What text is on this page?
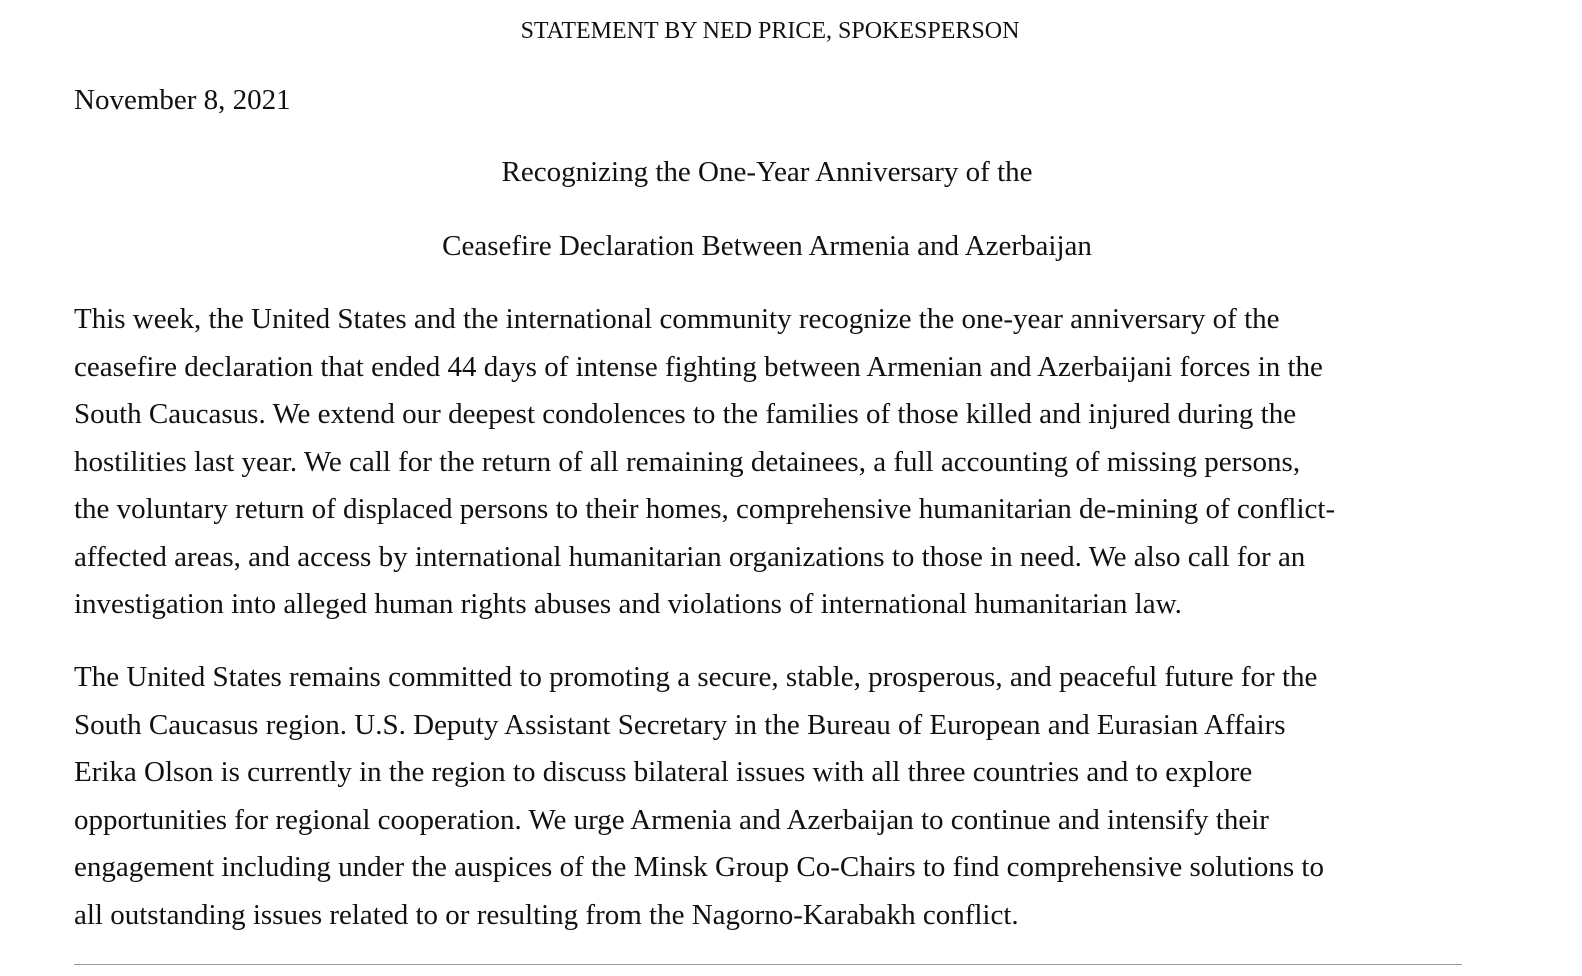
STATEMENT BY NED PRICE, SPOKESPERSON
November 8, 2021
Recognizing the One-Year Anniversary of the
Ceasefire Declaration Between Armenia and Azerbaijan
This week, the United States and the international community recognize the one-year anniversary of the
ceasefire declaration that ended 44 days of intense fighting between Armenian and Azerbaijani forces in the
South Caucasus. We extend our deepest condolences to the families of those killed and injured during the
hostilities last year. We call for the return of all remaining detainees, a full accounting of missing persons,
the voluntary return of displaced persons to their homes, comprehensive humanitarian de-mining of conflict-
affected areas, and access by international humanitarian organizations to those in need. We also call for an
investigation into alleged human rights abuses and violations of international humanitarian law.
The United States remains committed to promoting a secure, stable, prosperous, and peaceful future for the
South Caucasus region. U.S. Deputy Assistant Secretary in the Bureau of European and Eurasian Affairs
Erika Olson is currently in the region to discuss bilateral issues with all three countries and to explore
opportunities for regional cooperation. We urge Armenia and Azerbaijan to continue and intensify their
engagement including under the auspices of the Minsk Group Co-Chairs to find comprehensive solutions to
all outstanding issues related to or resulting from the Nagorno-Karabakh conflict.
